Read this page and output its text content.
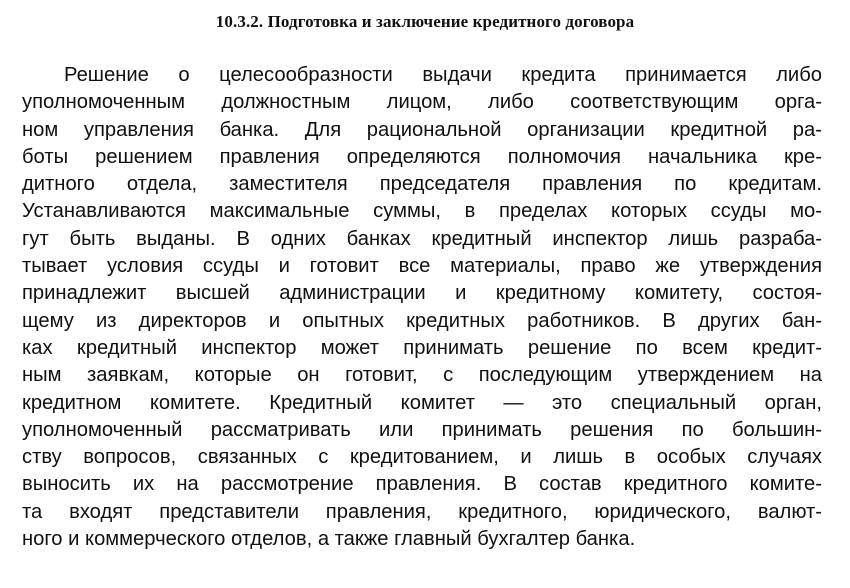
10.3.2. Подготовка и заключение кредитного договора
Решение о целесообразности выдачи кредита принимается либо
уполномоченным должностным лицом, либо соответствующим орга-
ном управления банка. Для рациональной организации кредитной ра-
боты решением правления определяются полномочия начальника кре-
дитного отдела, заместителя председателя правления по кредитам.
Устанавливаются максимальные суммы, в пределах которых ссуды мо-
гут быть выданы. В одних банках кредитный инспектор лишь разраба-
тывает условия ссуды и готовит все материалы, право же утверждения
принадлежит высшей администрации и кредитному комитету, состоя-
щему из директоров и опытных кредитных работников. В других бан-
ках кредитный инспектор может принимать решение по всем кредит-
ным заявкам, которые он готовит, с последующим утверждением на
кредитном комитете. Кредитный комитет — это специальный орган,
уполномоченный рассматривать или принимать решения по большин-
ству вопросов, связанных с кредитованием, и лишь в особых случаях
выносить их на рассмотрение правления. В состав кредитного комите-
та входят представители правления, кредитного, юридического, валют-
ного и коммерческого отделов, а также главный бухгалтер банка.
